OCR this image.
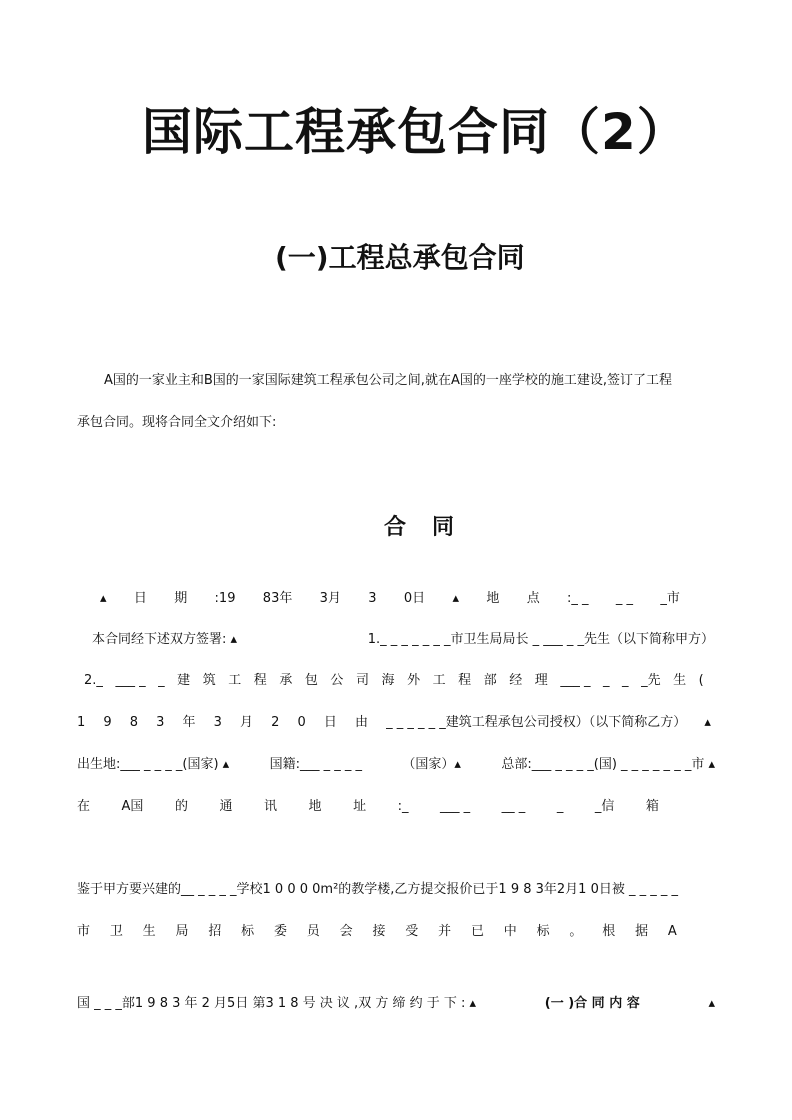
国际工程承包合同（2）
(一)工程总承包合同
A国的一家业主和B国的一家国际建筑工程承包公司之间,就在A国的一座学校的施工建设,签订了工程
承包合同。现将合同全文介绍如下:
合同
▴ 日 期 :19 83年 3月 3 0日 ▴ 地 点 :_ _ _ _ _市
本合同经下述双方签署: ▴	1._ _ _ _ _ _ _市卫生局局长 _ ___ _ _先生（以下简称甲方）
2._ ___ _ _ 建 筑 工 程 承 包 公 司 海 外 工 程 部 经 理 ___ _ _ _ _先 生 (
1 9 8 3 年 3 月 2 0 日 由 _ _ _ _ _ _建筑工程承包公司授权）（以下简称乙方） ▴
出生地:___ _ _ _ _(国家) ▴	国籍:___ _ _ _ _	（国家）▴	总部:___ _ _ _ _(国) _ _ _ _ _ _ _市 ▴
在 A国 的 通 讯 地 址 :_ ___ _ __ _ _ _信 箱
鉴于甲方要兴建的__ _ _ _ _学校1 0 0 0 0m²的教学楼,乙方提交报价已于1 9 8 3年2月1 0日被 _ _ _ _ _
市 卫 生 局 招 标 委 员 会 接 受 并 已 中 标 。 根 据 A
国 _ _ _部1 9 8 3 年 2 月5日 第3 1 8 号 决 议 ,双 方 缔 约 于 下 : ▴	(一 )合 同 内 容	▴
